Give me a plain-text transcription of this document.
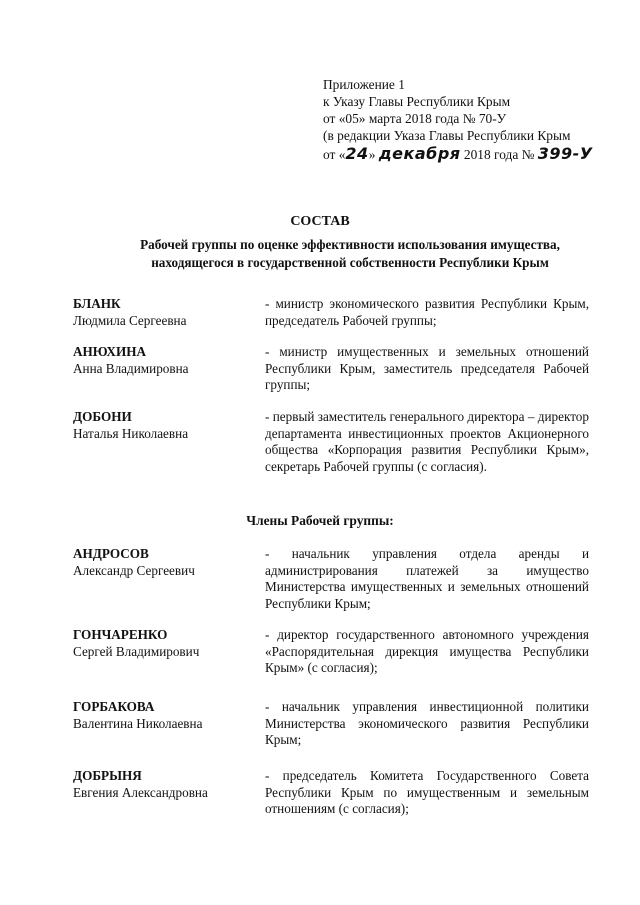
Приложение 1
к Указу Главы Республики Крым
от «05» марта 2018 года № 70-У
(в редакции Указа Главы Республики Крым
от «24» декабря 2018 года № 399-У
СОСТАВ
Рабочей группы по оценке эффективности использования имущества, находящегося в государственной собственности Республики Крым
БЛАНК
Людмила Сергеевна
- министр экономического развития Республики Крым, председатель Рабочей группы;
АНЮХИНА
Анна Владимировна
- министр имущественных и земельных отношений Республики Крым, заместитель председателя Рабочей группы;
ДОБОНИ
Наталья Николаевна
- первый заместитель генерального директора – директор департамента инвестиционных проектов Акционерного общества «Корпорация развития Республики Крым», секретарь Рабочей группы (с согласия).
Члены Рабочей группы:
АНДРОСОВ
Александр Сергеевич
- начальник управления отдела аренды и администрирования платежей за имущество Министерства имущественных и земельных отношений Республики Крым;
ГОНЧАРЕНКО
Сергей Владимирович
- директор государственного автономного учреждения «Распорядительная дирекция имущества Республики Крым» (с согласия);
ГОРБАКОВА
Валентина Николаевна
- начальник управления инвестиционной политики Министерства экономического развития Республики Крым;
ДОБРЫНЯ
Евгения Александровна
- председатель Комитета Государственного Совета Республики Крым по имущественным и земельным отношениям (с согласия);
